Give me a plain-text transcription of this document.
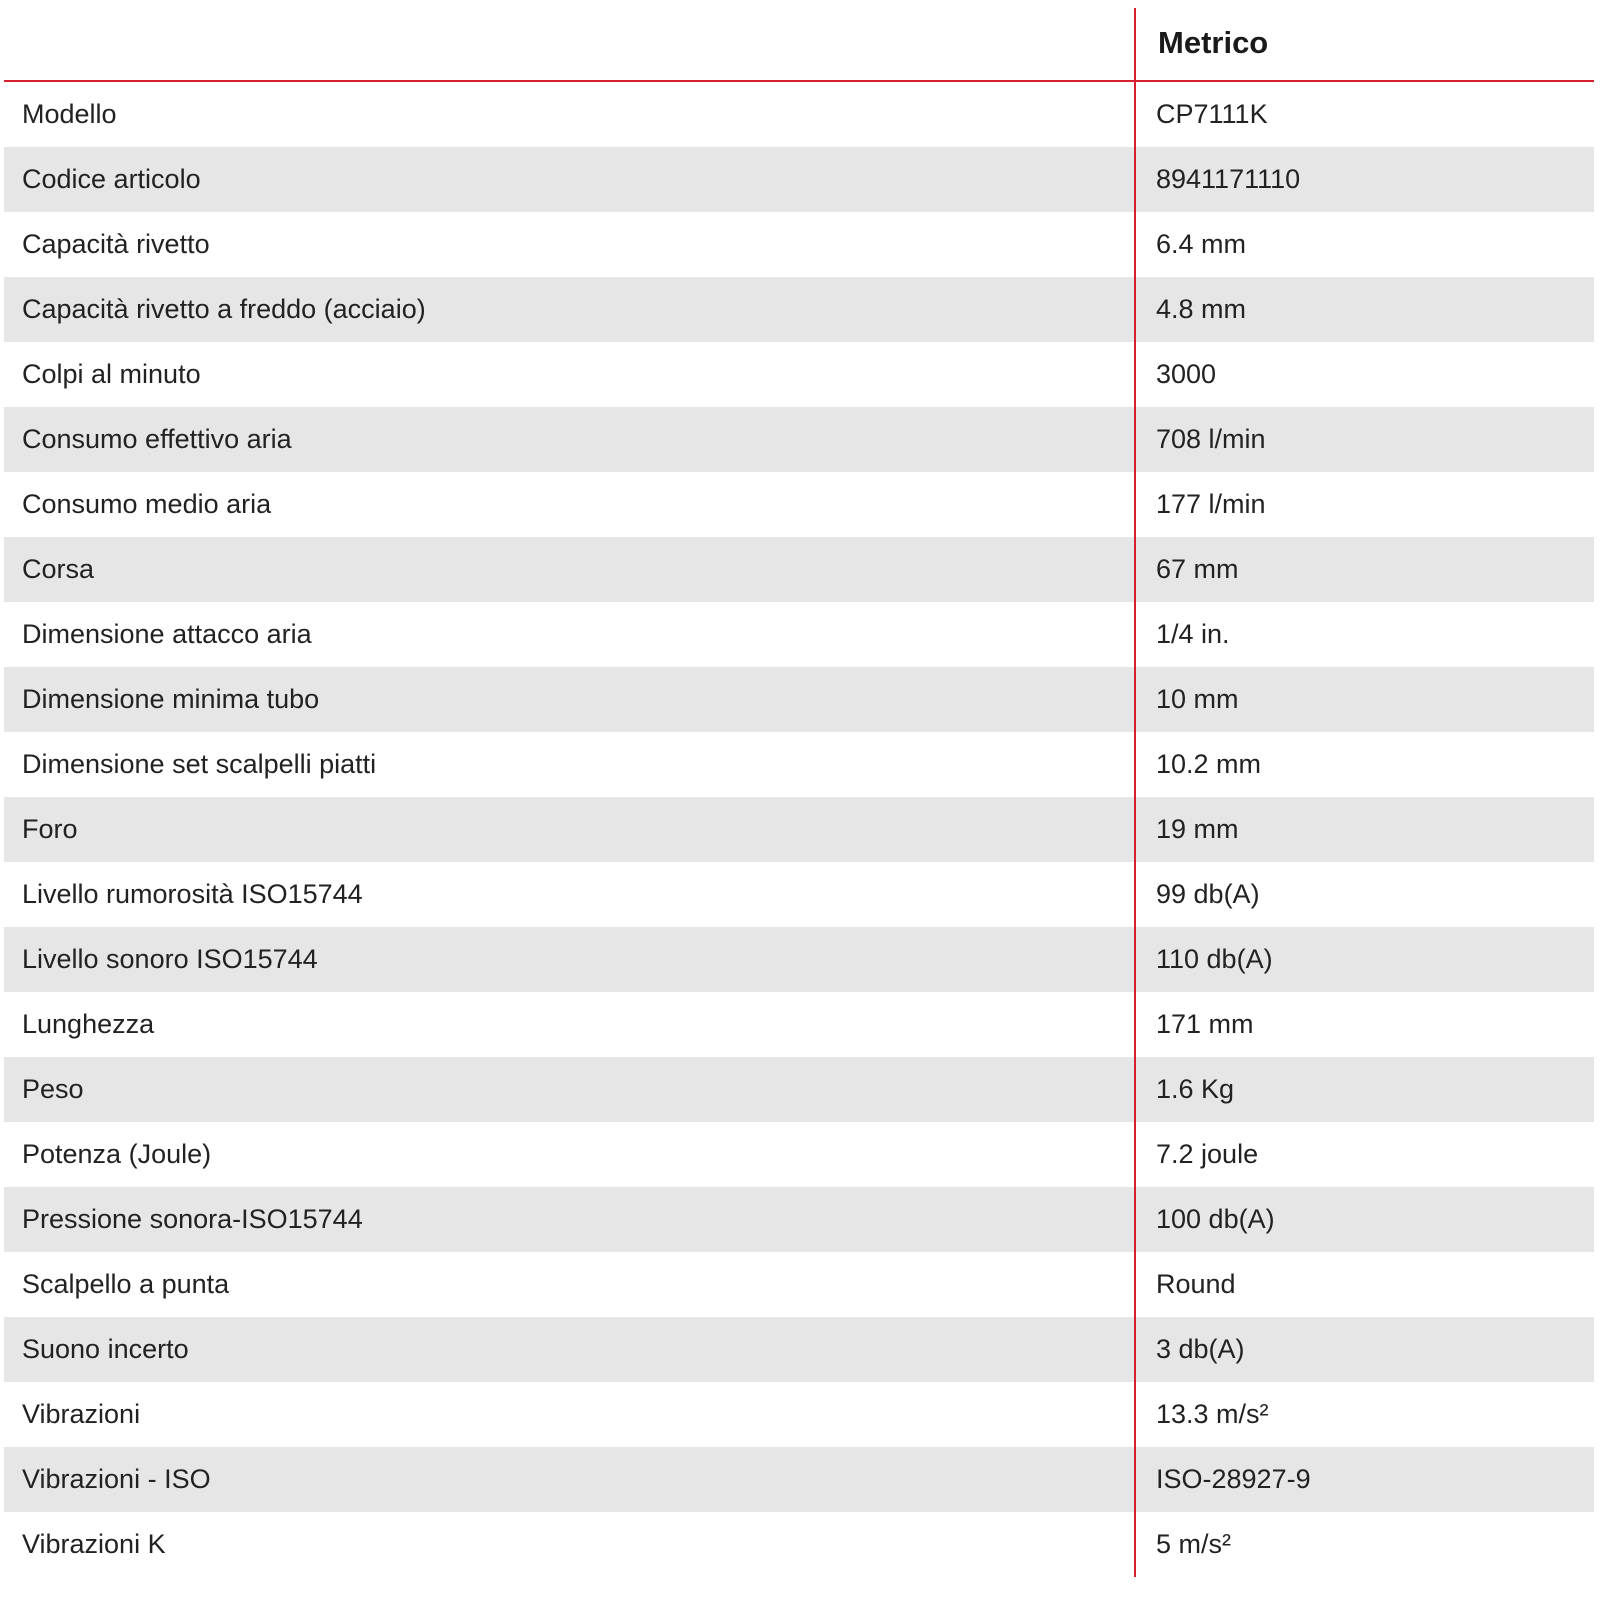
Metrico
Modello	CP7111K
Codice articolo	8941171110
Capacità rivetto	6.4 mm
Capacità rivetto a freddo (acciaio)	4.8 mm
Colpi al minuto	3000
Consumo effettivo aria	708 l/min
Consumo medio aria	177 l/min
Corsa	67 mm
Dimensione attacco aria	1/4 in.
Dimensione minima tubo	10 mm
Dimensione set scalpelli piatti	10.2 mm
Foro	19 mm
Livello rumorosità ISO15744	99 db(A)
Livello sonoro ISO15744	110 db(A)
Lunghezza	171 mm
Peso	1.6 Kg
Potenza (Joule)	7.2 joule
Pressione sonora-ISO15744	100 db(A)
Scalpello a punta	Round
Suono incerto	3 db(A)
Vibrazioni	13.3 m/s²
Vibrazioni - ISO	ISO-28927-9
Vibrazioni K	5 m/s²
